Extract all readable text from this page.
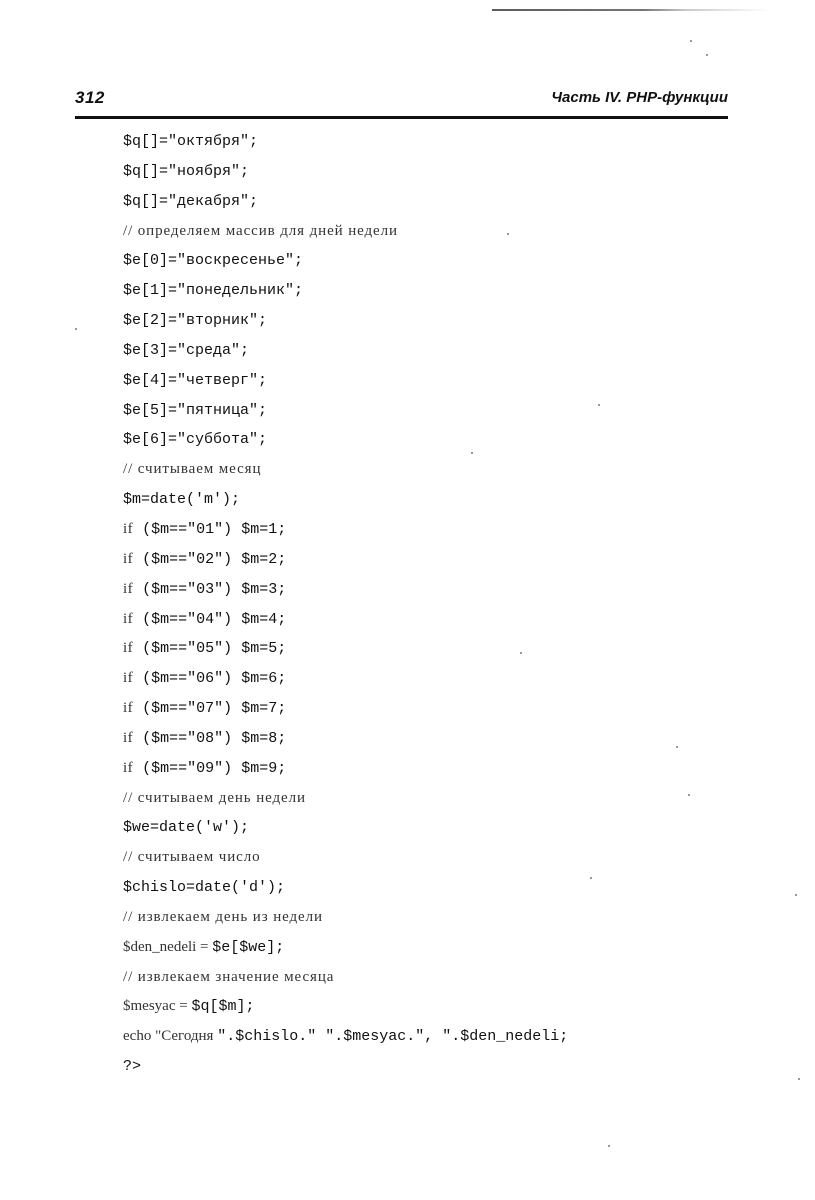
312	Часть IV. PHP-функции
$q[]="октября";
$q[]="ноября";
$q[]="декабря";
// определяем массив для дней недели
$e[0]="воскресенье";
$e[1]="понедельник";
$e[2]="вторник";
$e[3]="среда";
$e[4]="четверг";
$e[5]="пятница";
$e[6]="суббота";
// считываем месяц
$m=date('m');
if ($m=="01") $m=1;
if ($m=="02") $m=2;
if ($m=="03") $m=3;
if ($m=="04") $m=4;
if ($m=="05") $m=5;
if ($m=="06") $m=6;
if ($m=="07") $m=7;
if ($m=="08") $m=8;
if ($m=="09") $m=9;
// считываем день недели
$we=date('w');
// считываем число
$chislo=date('d');
// извлекаем день из недели
$den_nedeli = $e[$we];
// извлекаем значение месяца
$mesyac = $q[$m];
echo "Сегодня ".$chislo." ".$mesyac.", ".$den_nedeli;
?>
